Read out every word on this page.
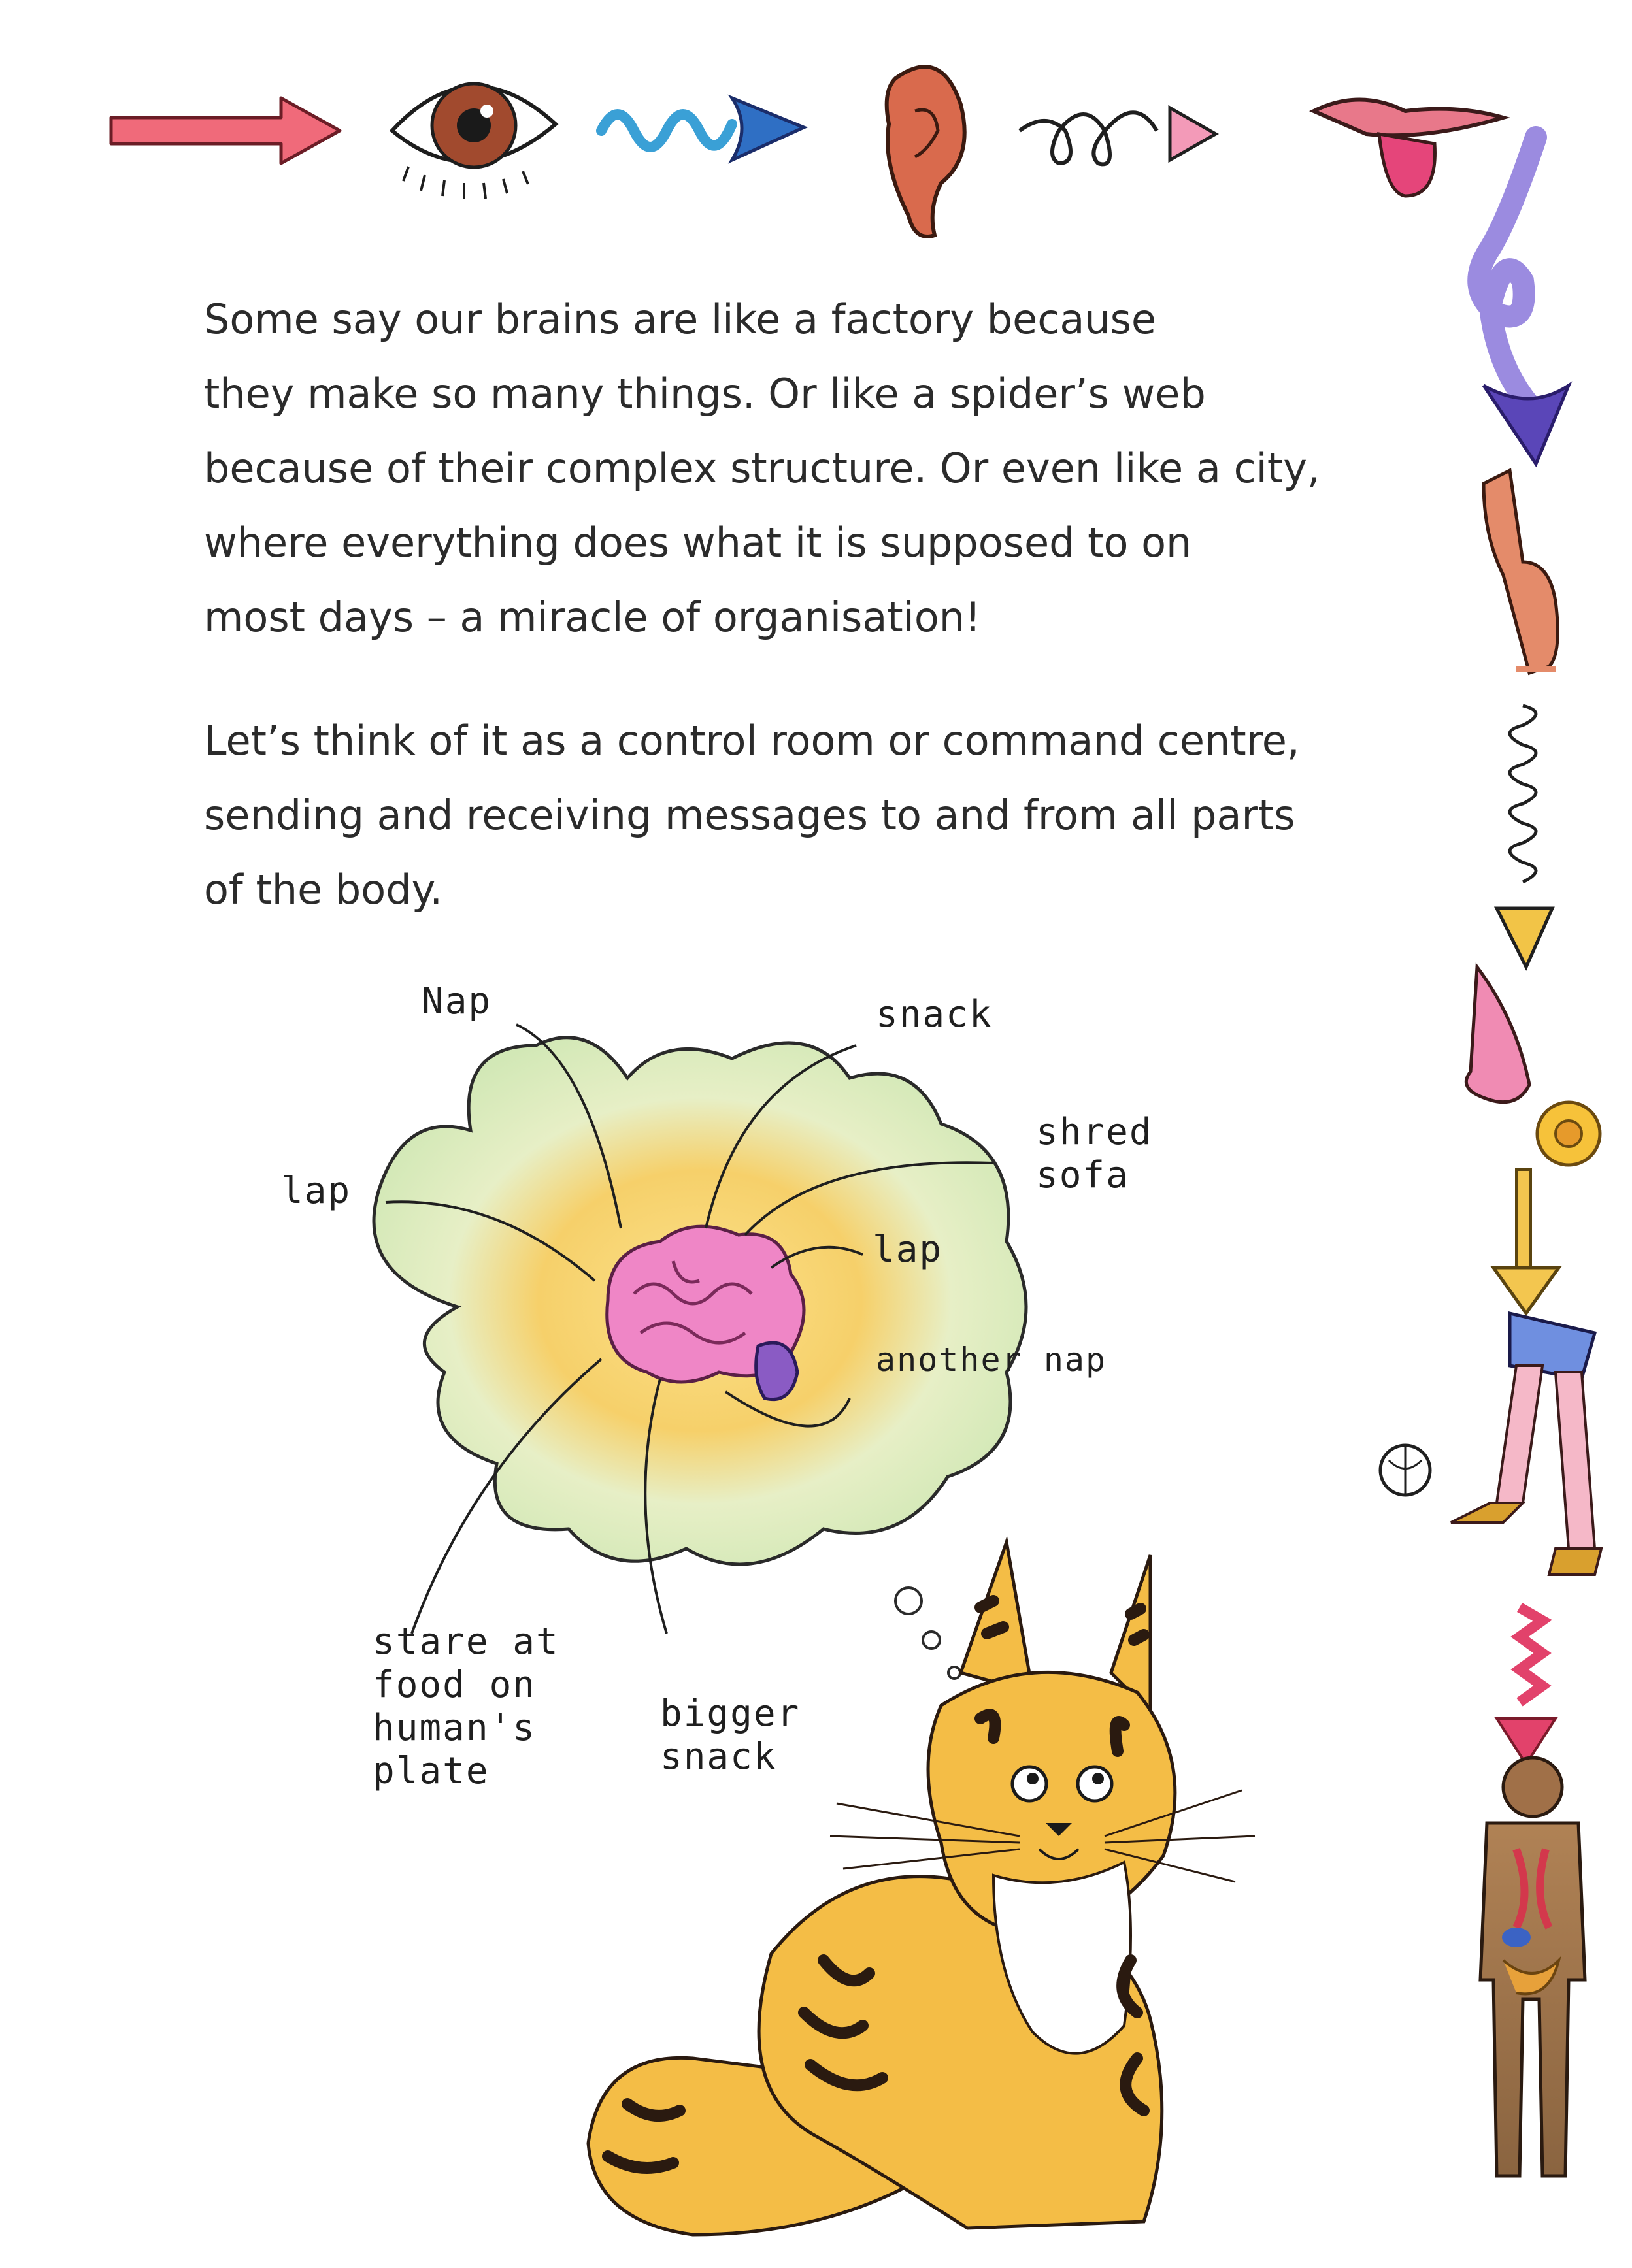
Some say our brains are like a factory because
they make so many things. Or like a spider’s web
because of their complex structure. Or even like a city,
where everything does what it is supposed to on
most days – a miracle of organisation!
Let’s think of it as a control room or command centre,
sending and receiving messages to and from all parts
of the body.
Nap	snack
lap
shred
sofa
lap
another nap
stare at
food on
human's
plate
bigger
snack
